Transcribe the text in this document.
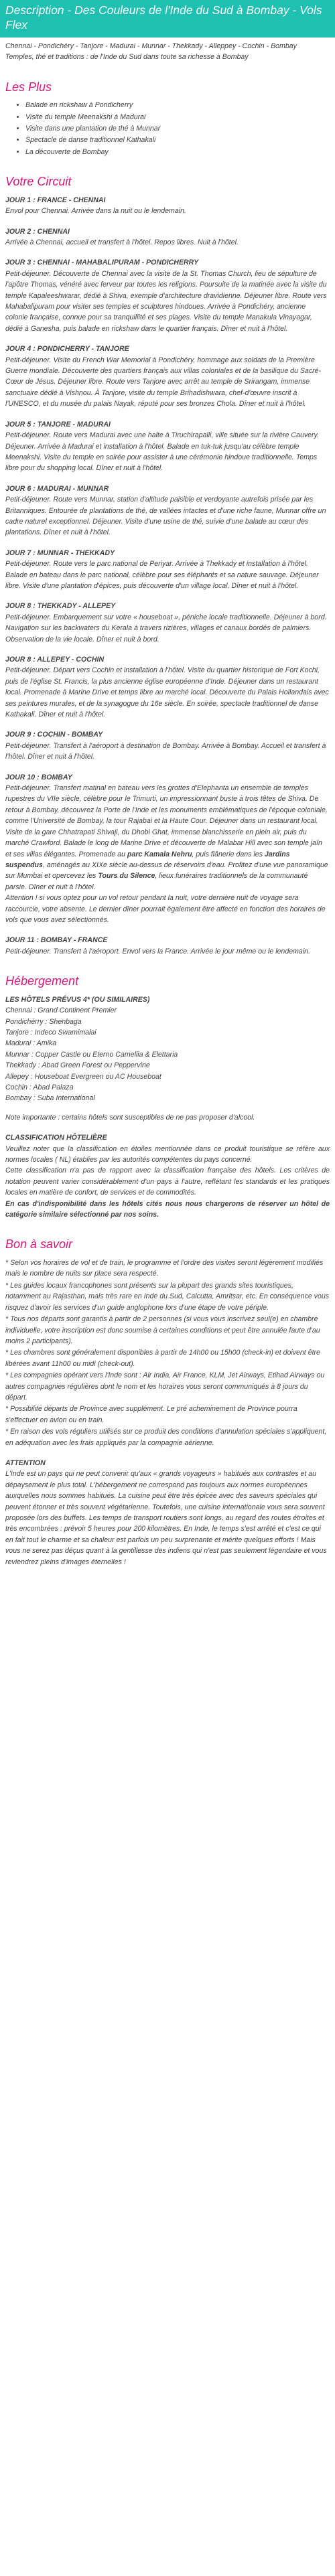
Description - Des Couleurs de l'Inde du Sud à Bombay - Vols Flex

Chennai - Pondichéry - Tanjore - Madurai - Munnar - Thekkady - Alleppey - Cochin - Bombay

Temples, thé et traditions : de l'Inde du Sud dans toute sa richesse à Bombay

Les Plus
• Balade en rickshaw à Pondicherry
• Visite du temple Meenakshi à Madurai
• Visite dans une plantation de thé à Munnar
• Spectacle de danse traditionnel Kathakali
• La découverte de Bombay
Votre Circuit

JOUR 1 : FRANCE - CHENNAI

Envol pour Chennai. Arrivée dans la nuit ou le lendemain.

JOUR 2 : CHENNAI

Arrivée à Chennai, accueil et transfert à l'hôtel. Repos libres. Nuit à l'hôtel.

JOUR 3 : CHENNAI - MAHABALIPURAM - PONDICHERRY

Petit-déjeuner. Découverte de Chennai avec la visite de la St. Thomas Church, lieu de sépulture de l'apôtre Thomas, vénéré avec ferveur par toutes les religions. Poursuite de la matinée avec la visite du temple Kapaleeshwarar, dédié à Shiva, exemple d'architecture dravidienne. Déjeuner libre. Route vers Mahabalipuram pour visiter ses temples et sculptures hindoues. Arrivée à Pondichéry, ancienne colonie française, connue pour sa tranquillité et ses plages. Visite du temple Manakula Vinayagar, dédié à Ganesha, puis balade en rickshaw dans le quartier français. Dîner et nuit à l'hôtel.

JOUR 4 : PONDICHERRY - TANJORE

Petit-déjeuner. Visite du French War Memorial à Pondichéry, hommage aux soldats de la Première Guerre mondiale. Découverte des quartiers français aux villas coloniales et de la basilique du Sacré-Cœur de Jésus. Déjeuner libre. Route vers Tanjore avec arrêt au temple de Srirangam, immense sanctuaire dédié à Vishnou. À Tanjore, visite du temple Brihadishwara, chef-d'œuvre inscrit à l'UNESCO, et du musée du palais Nayak, réputé pour ses bronzes Chola. Dîner et nuit à l'hôtel.

JOUR 5 : TANJORE - MADURAI

Petit-déjeuner. Route vers Madurai avec une halte à Tiruchirapalli, ville située sur la rivière Cauvery. Déjeuner. Arrivée à Madurai et installation à l'hôtel. Balade en tuk-tuk jusqu'au célèbre temple Meenakshi. Visite du temple en soirée pour assister à une cérémonie hindoue traditionnelle. Temps libre pour du shopping local. Dîner et nuit à l'hôtel.

JOUR 6 : MADURAI - MUNNAR

Petit-déjeuner. Route vers Munnar, station d'altitude paisible et verdoyante autrefois prisée par les Britanniques. Entourée de plantations de thé, de vallées intactes et d'une riche faune, Munnar offre un cadre naturel exceptionnel. Déjeuner. Visite d'une usine de thé, suivie d'une balade au cœur des plantations. Dîner et nuit à l'hôtel.

JOUR 7 : MUNNAR - THEKKADY

Petit-déjeuner. Route vers le parc national de Periyar. Arrivée à Thekkady et installation à l'hôtel. Balade en bateau dans le parc national, célèbre pour ses éléphants et sa nature sauvage. Déjeuner libre. Visite d'une plantation d'épices, puis découverte d'un village local. Dîner et nuit à l'hôtel.

JOUR 8 : THEKKADY - ALLEPEY

Petit-déjeuner. Embarquement sur votre « houseboat », péniche locale traditionnelle. Déjeuner à bord. Navigation sur les backwaters du Kerala à travers rizières, villages et canaux bordés de palmiers. Observation de la vie locale. Dîner et nuit à bord.

JOUR 8 : ALLEPEY - COCHIN

Petit-déjeuner. Départ vers Cochin et installation à l'hôtel. Visite du quartier historique de Fort Kochi, puis de l'église St. Francis, la plus ancienne église européenne d'Inde. Déjeuner dans un restaurant local. Promenade à Marine Drive et temps libre au marché local. Découverte du Palais Hollandais avec ses peintures murales, et de la synagogue du 16e siècle. En soirée, spectacle traditionnel de danse Kathakali. Dîner et nuit à l'hôtel.

JOUR 9 : COCHIN - BOMBAY

Petit-déjeuner. Transfert à l'aéroport à destination de Bombay. Arrivée à Bombay. Accueil et transfert à l'hôtel. Dîner et nuit à l'hôtel.

JOUR 10 : BOMBAY

Petit-déjeuner. Transfert matinal en bateau vers les grottes d'Elephanta un ensemble de temples rupestres du VIIe siècle, célèbre pour le Trimurti, un impressionnant buste à trois têtes de Shiva. De retour à Bombay, découvrez la Porte de l'Inde et les monuments emblématiques de l'époque coloniale, comme l'Université de Bombay, la tour Rajabai et la Haute Cour. Déjeuner dans un restaurant local. Visite de la gare Chhatrapati Shivaji, du Dhobi Ghat, immense blanchisserie en plein air, puis du marché Crawford. Balade le long de Marine Drive et découverte de Malabar Hill avec son temple jaïn et ses villas élégantes. Promenade au parc Kamala Nehru, puis flânerie dans les Jardins suspendus, aménagés au XIXe siècle au-dessus de réservoirs d'eau. Profitez d'une vue panoramique sur Mumbai et opercevez les Tours du Silence, lieux funéraires traditionnels de la communauté parsie. Dîner et nuit à l'hôtel.

Attention ! si vous optez pour un vol retour pendant la nuit, votre dernière nuit de voyage sera raccourcie, votre absente. Le dernier dîner pourrait également être affecté en fonction des horaires de vols que vous avez sélectionnés.

JOUR 11 : BOMBAY - FRANCE

Petit-déjeuner. Transfert à l'aéroport. Envol vers la France. Arrivée le jour même ou le lendemain.

Hébergement

LES HÔTELS PRÉVUS 4* (OU SIMILAIRES)

Chennai : Grand Continent Premier

Pondichérry : Shenbaga

Tanjore : Indeco Swamimalai

Madurai : Amika

Munnar : Copper Castle ou Eterno Camellia & Elettaria

Thekkady : Abad Green Forest ou Peppervine

Allepey : Houseboat Evergreen ou AC Houseboat

Cochin : Abad Palaza

Bombay : Suba International

Note importante : certains hôtels sont susceptibles de ne pas proposer d'alcool.

CLASSIFICATION HÔTELIÈRE

Veuillez noter que la classification en étoiles mentionnée dans ce produit touristique se réfère aux normes locales ( NL) établies par les autorités compétentes du pays concerné.

Cette classification n'a pas de rapport avec la classification française des hôtels. Les critères de notation peuvent varier considérablement d'un pays à l'autre, reflétant les standards et les pratiques locales en matière de confort, de services et de commodités.

En cas d'indisponibilité dans les hôtels cités nous nous chargerons de réserver un hôtel de catégorie similaire sélectionné par nos soins.

Bon à savoir

* Selon vos horaires de vol et de train, le programme et l'ordre des visites seront légèrement modifiés mais le nombre de nuits sur place sera respecté.

* Les guides locaux francophones sont présents sur la plupart des grands sites touristiques, notamment au Rajasthan, mais très rare en Inde du Sud, Calcutta, Amritsar, etc. En conséquence vous risquez d'avoir les services d'un guide anglophone lors d'une étape de votre périple.

* Tous nos départs sont garantis à partir de 2 personnes (si vous vous inscrivez seul(e) en chambre individuelle, votre inscription est donc soumise à certaines conditions et peut être annulée faute d'au moins 2 participants).

* Les chambres sont généralement disponibles à partir de 14h00 ou 15h00 (check-in) et doivent être libérées avant 11h00 ou midi (check-out).

* Les compagnies opérant vers l'Inde sont : Air India, Air France, KLM, Jet Airways, Etihad Airways ou autres compagnies régulières dont le nom et les horaires vous seront communiqués à 8 jours du départ.

* Possibilité départs de Province avec supplément. Le pré acheminement de Province pourra s'effectuer en avion ou en train.

* En raison des vols réguliers utilisés sur ce produit des conditions d'annulation spéciales s'appliquent, en adéquation avec les frais appliqués par la compagnie aérienne.

ATTENTION

L'Inde est un pays qui ne peut convenir qu'aux « grands voyageurs » habitués aux contrastes et au dépaysement le plus total. L'hébergement ne correspond pas toujours aux normes européennes auxquelles nous sommes habitués. La cuisine peut être très épicée avec des saveurs spéciales qui peuvent étonner et très souvent végétarienne. Toutefois, une cuisine internationale vous sera souvent proposée lors des buffets. Les temps de transport routiers sont longs, au regard des routes étroites et très encombrées : prévoir 5 heures pour 200 kilomètres. En Inde, le temps s'est arrêté et c'est ce qui en fait tout le charme et sa chaleur est parfois un peu surprenante et mérite quelques efforts ! Mais vous ne serez pas déçus quant à la gentillesse des indiens qui n'est pas seulement légendaire et vous reviendrez pleins d'images éternelles !
